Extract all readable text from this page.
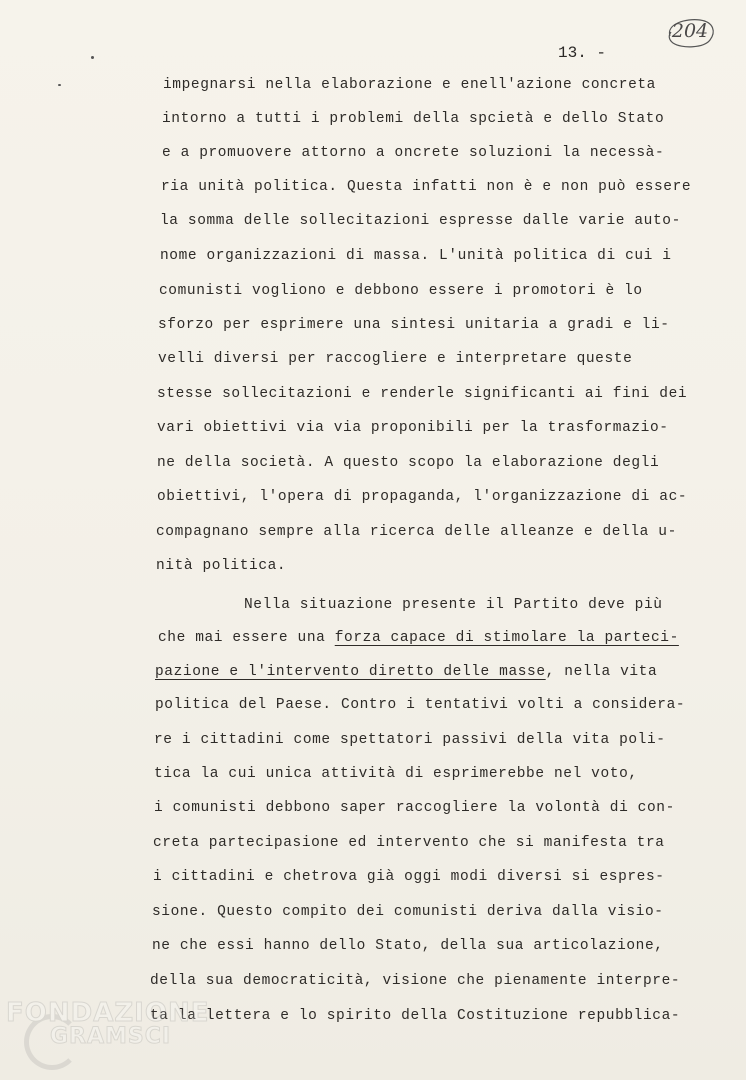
13. -
204
impegnarsi nella elaborazione e enell'azione concreta
intorno a tutti i problemi della spcietà e dello Stato
e a promuovere attorno a oncrete soluzioni la necessà-
ria unità politica. Questa infatti non è e non può essere
la somma delle sollecitazioni espresse dalle varie auto-
nome organizzazioni di massa. L'unità politica di cui i
comunisti vogliono e debbono essere i promotori è lo
sforzo per esprimere una sintesi unitaria a gradi e li-
velli diversi per raccogliere e interpretare queste
stesse sollecitazioni e renderle significanti ai fini dei
vari obiettivi via via proponibili per la trasformazio-
ne della società. A questo scopo la elaborazione degli
obiettivi, l'opera di propaganda, l'organizzazione di ac-
compagnano sempre alla ricerca delle alleanze e della u-
nità politica.
Nella situazione presente il Partito deve più
che mai essere una forza capace di stimolare la parteci-
pazione e l'intervento diretto delle masse, nella vita
politica del Paese. Contro i tentativi volti a considera-
re i cittadini come spettatori passivi della vita poli-
tica la cui unica attività di esprimerebbe nel voto,
i comunisti debbono saper raccogliere la volontà di con-
creta partecipasione ed intervento che si manifesta tra
i cittadini e chetrova già oggi modi diversi si espres-
sione. Questo compito dei comunisti deriva dalla visio-
ne che essi hanno dello Stato, della sua articolazione,
della sua democraticità, visione che pienamente interpre-
ta la lettera e lo spirito della Costituzione repubblica-
FONDAZIONE
GRAMSCI
